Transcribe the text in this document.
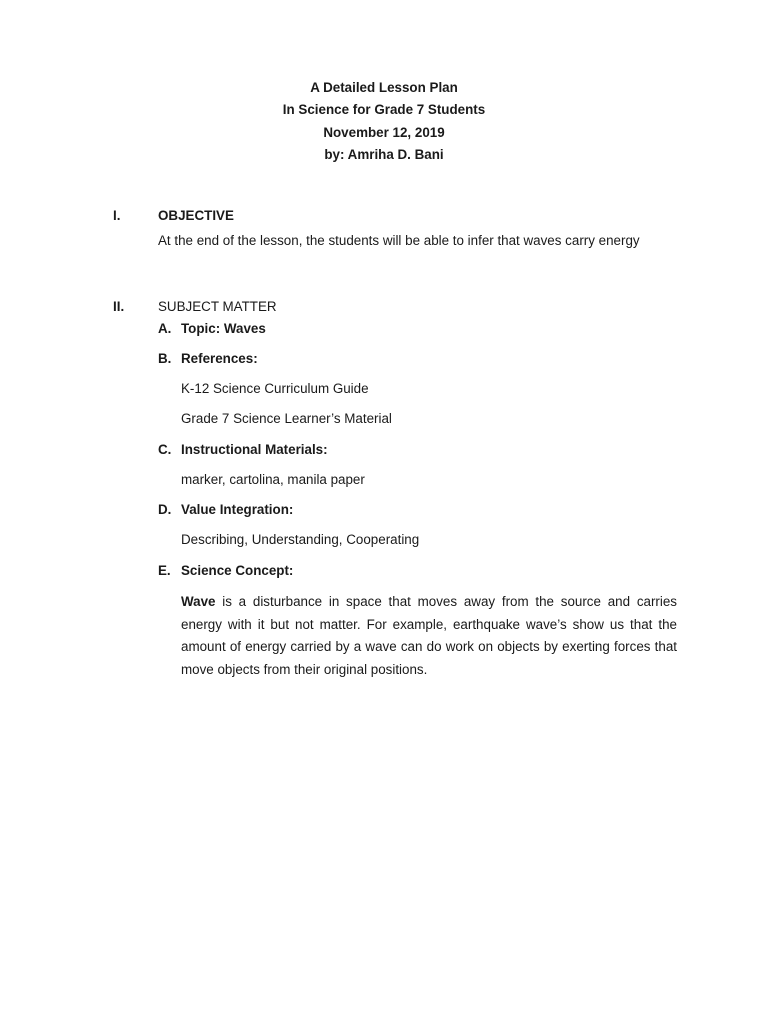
A Detailed Lesson Plan
In Science for Grade 7 Students
November 12, 2019
by: Amriha D. Bani
I.	OBJECTIVE
At the end of the lesson, the students will be able to infer that waves carry energy
II.	SUBJECT MATTER
A. Topic: Waves
B. References:
K-12 Science Curriculum Guide
Grade 7 Science Learner’s Material
C. Instructional Materials:
marker, cartolina, manila paper
D. Value Integration:
Describing, Understanding, Cooperating
E. Science Concept:
Wave is a disturbance in space that moves away from the source and carries energy with it but not matter. For example, earthquake wave’s show us that the amount of energy carried by a wave can do work on objects by exerting forces that move objects from their original positions.
